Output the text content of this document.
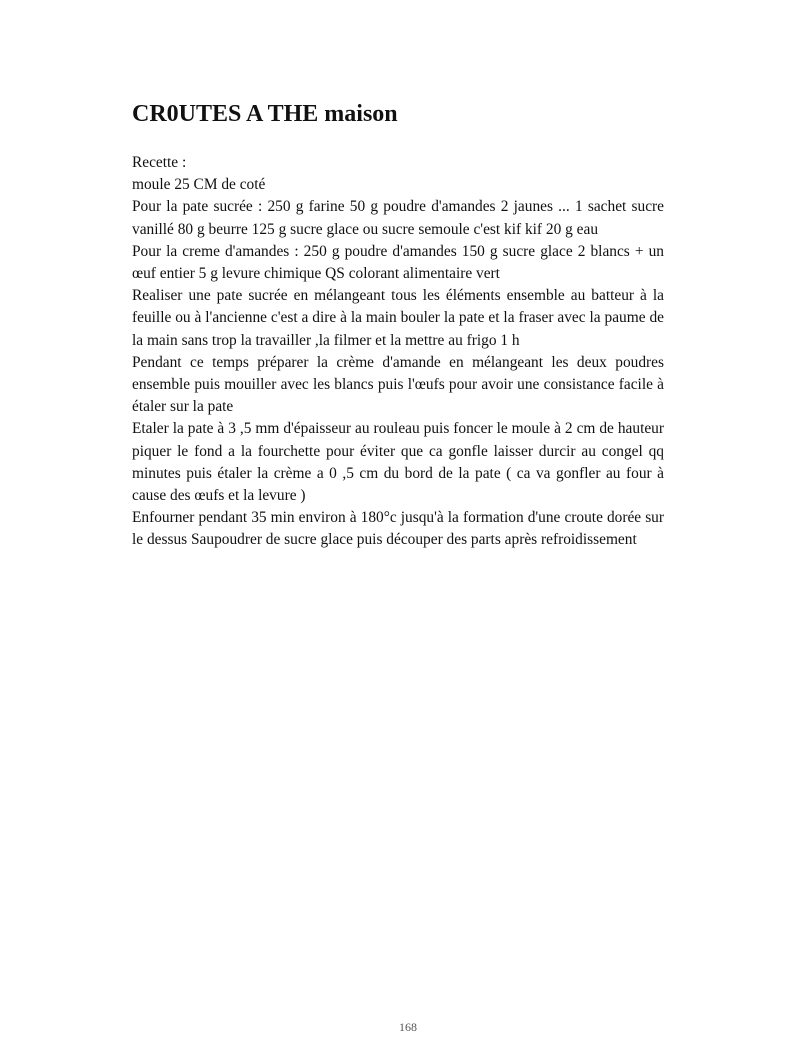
CR0UTES A THE maison

Recette :

moule 25 CM de coté

Pour la pate sucrée : 250 g farine 50 g poudre d'amandes 2 jaunes ... 1 sachet sucre vanillé 80 g beurre 125 g sucre glace ou sucre semoule c'est kif kif 20 g eau

Pour la creme d'amandes : 250 g poudre d'amandes 150 g sucre glace 2 blancs + un œuf entier 5 g levure chimique QS colorant alimentaire vert

Realiser une pate sucrée en mélangeant tous les éléments ensemble au batteur à la feuille ou à l'ancienne c'est a dire à la main bouler la pate et la fraser avec la paume de la main sans trop la travailler ,la filmer et la mettre au frigo 1 h

Pendant ce temps préparer la crème d'amande en mélangeant les deux poudres ensemble puis mouiller avec les blancs puis l'œufs pour avoir une consistance facile à étaler sur la pate

Etaler la pate à 3 ,5 mm d'épaisseur au rouleau puis foncer le moule à 2 cm de hauteur piquer le fond a la fourchette pour éviter que ca gonfle laisser durcir au congel qq minutes puis étaler la crème a 0 ,5 cm du bord de la pate ( ca va gonfler au four à cause des œufs et la levure )

Enfourner pendant 35 min environ à 180°c jusqu'à la formation d'une croute dorée sur le dessus Saupoudrer de sucre glace puis découper des parts après refroidissement

168
